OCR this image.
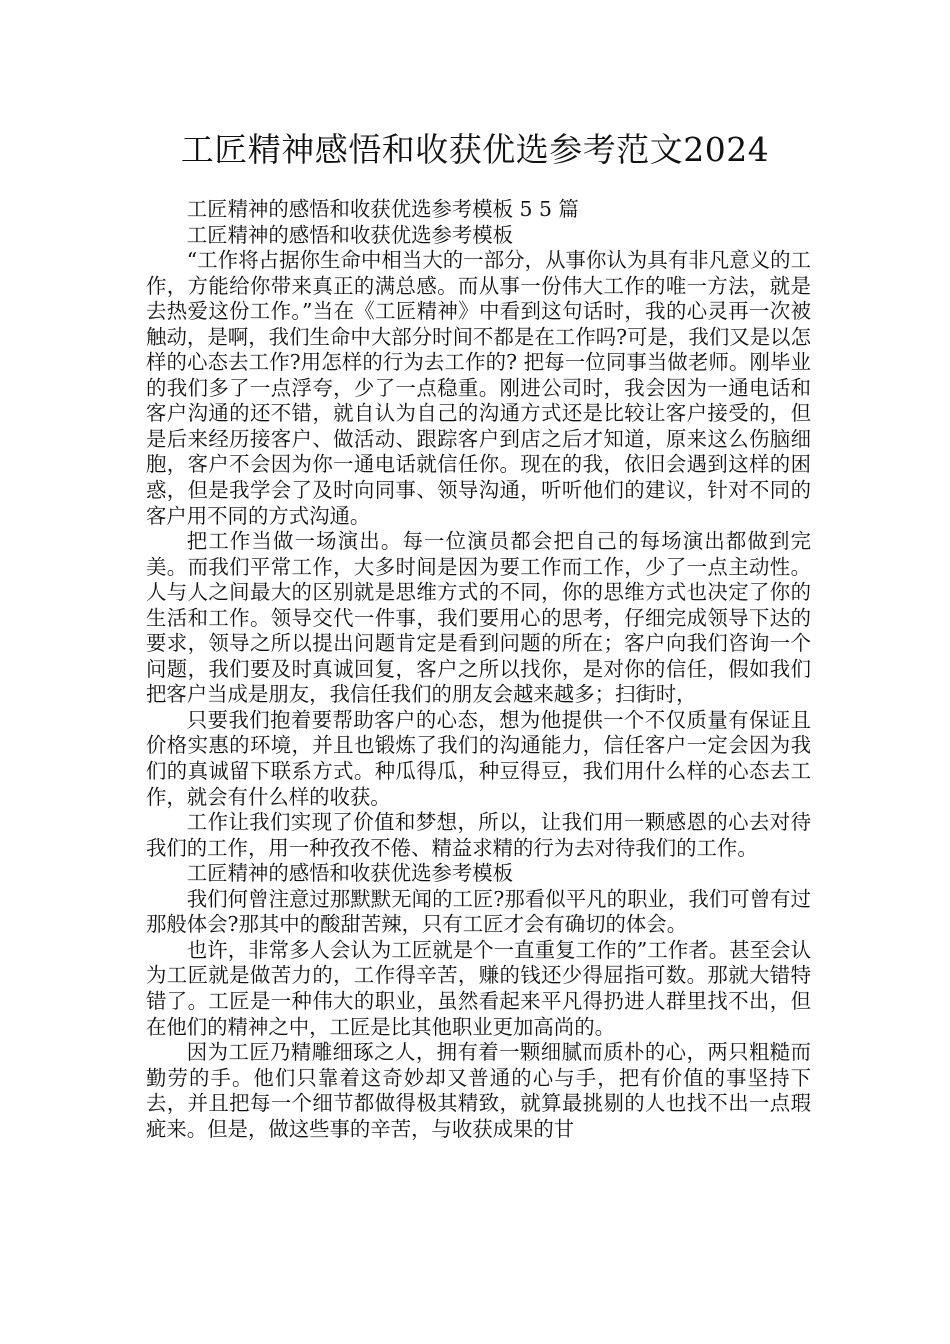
工匠精神感悟和收获优选参考范文2024

工匠精神的感悟和收获优选参考模板 5 5 篇

工匠精神的感悟和收获优选参考模板

“工作将占据你生命中相当大的一部分，从事你认为具有非凡意义的工作，方能给你带来真正的满总感。而从事一份伟大工作的唯一方法，就是去热爱这份工作。”当在《工匠精神》中看到这句话时，我的心灵再一次被触动，是啊，我们生命中大部分时间不都是在工作吗?可是，我们又是以怎样的心态去工作?用怎样的行为去工作的? 把每一位同事当做老师。刚毕业的我们多了一点浮夸，少了一点稳重。刚进公司时，我会因为一通电话和客户沟通的还不错，就自认为自己的沟通方式还是比较让客户接受的，但是后来经历接客户、做活动、跟踪客户到店之后才知道，原来这么伤脑细胞，客户不会因为你一通电话就信任你。现在的我，依旧会遇到这样的困惑，但是我学会了及时向同事、领导沟通，听听他们的建议，针对不同的客户用不同的方式沟通。

把工作当做一场演出。每一位演员都会把自己的每场演出都做到完美。而我们平常工作，大多时间是因为要工作而工作，少了一点主动性。人与人之间最大的区别就是思维方式的不同，你的思维方式也决定了你的生活和工作。领导交代一件事，我们要用心的思考，仔细完成领导下达的要求，领导之所以提出问题肯定是看到问题的所在；客户向我们咨询一个问题，我们要及时真诚回复，客户之所以找你，是对你的信任，假如我们把客户当成是朋友，我信任我们的朋友会越来越多；扫街时，

只要我们抱着要帮助客户的心态，想为他提供一个不仅质量有保证且价格实惠的环境，并且也锻炼了我们的沟通能力，信任客户一定会因为我们的真诚留下联系方式。种瓜得瓜，种豆得豆，我们用什么样的心态去工作，就会有什么样的收获。

工作让我们实现了价值和梦想，所以，让我们用一颗感恩的心去对待我们的工作，用一种孜孜不倦、精益求精的行为去对待我们的工作。

工匠精神的感悟和收获优选参考模板

我们何曾注意过那默默无闻的工匠?那看似平凡的职业，我们可曾有过那般体会?那其中的酸甜苦辣，只有工匠才会有确切的体会。

也许，非常多人会认为工匠就是个一直重复工作的”工作者。甚至会认为工匠就是做苦力的，工作得辛苦，赚的钱还少得屈指可数。那就大错特错了。工匠是一种伟大的职业，虽然看起来平凡得扔进人群里找不出，但在他们的精神之中，工匠是比其他职业更加高尚的。

因为工匠乃精雕细琢之人，拥有着一颗细腻而质朴的心，两只粗糙而勤劳的手。他们只靠着这奇妙却又普通的心与手，把有价值的事坚持下去，并且把每一个细节都做得极其精致，就算最挑剔的人也找不出一点瑕疵来。但是，做这些事的辛苦，与收获成果的甘
